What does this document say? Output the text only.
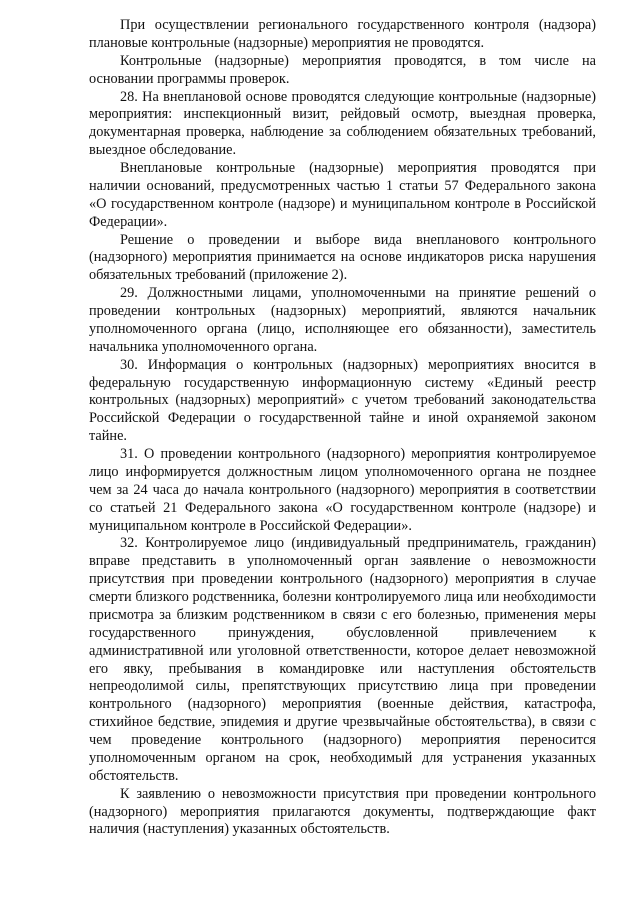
При осуществлении регионального государственного контроля (надзора) плановые контрольные (надзорные) мероприятия не проводятся.

Контрольные (надзорные) мероприятия проводятся, в том числе на основании программы проверок.

28. На внеплановой основе проводятся следующие контрольные (надзорные) мероприятия: инспекционный визит, рейдовый осмотр, выездная проверка, документарная проверка, наблюдение за соблюдением обязательных требований, выездное обследование.

Внеплановые контрольные (надзорные) мероприятия проводятся при наличии оснований, предусмотренных частью 1 статьи 57 Федерального закона «О государственном контроле (надзоре) и муниципальном контроле в Российской Федерации».

Решение о проведении и выборе вида внепланового контрольного (надзорного) мероприятия принимается на основе индикаторов риска нарушения обязательных требований (приложение 2).

29. Должностными лицами, уполномоченными на принятие решений о проведении контрольных (надзорных) мероприятий, являются начальник уполномоченного органа (лицо, исполняющее его обязанности), заместитель начальника уполномоченного органа.

30. Информация о контрольных (надзорных) мероприятиях вносится в федеральную государственную информационную систему «Единый реестр контрольных (надзорных) мероприятий» с учетом требований законодательства Российской Федерации о государственной тайне и иной охраняемой законом тайне.

31. О проведении контрольного (надзорного) мероприятия контролируемое лицо информируется должностным лицом уполномоченного органа не позднее чем за 24 часа до начала контрольного (надзорного) мероприятия в соответствии со статьей 21 Федерального закона «О государственном контроле (надзоре) и муниципальном контроле в Российской Федерации».

32. Контролируемое лицо (индивидуальный предприниматель, гражданин) вправе представить в уполномоченный орган заявление о невозможности присутствия при проведении контрольного (надзорного) мероприятия в случае смерти близкого родственника, болезни контролируемого лица или необходимости присмотра за близким родственником в связи с его болезнью, применения меры государственного принуждения, обусловленной привлечением к административной или уголовной ответственности, которое делает невозможной его явку, пребывания в командировке или наступления обстоятельств непреодолимой силы, препятствующих присутствию лица при проведении контрольного (надзорного) мероприятия (военные действия, катастрофа, стихийное бедствие, эпидемия и другие чрезвычайные обстоятельства), в связи с чем проведение контрольного (надзорного) мероприятия переносится уполномоченным органом на срок, необходимый для устранения указанных обстоятельств.

К заявлению о невозможности присутствия при проведении контрольного (надзорного) мероприятия прилагаются документы, подтверждающие факт наличия (наступления) указанных обстоятельств.
